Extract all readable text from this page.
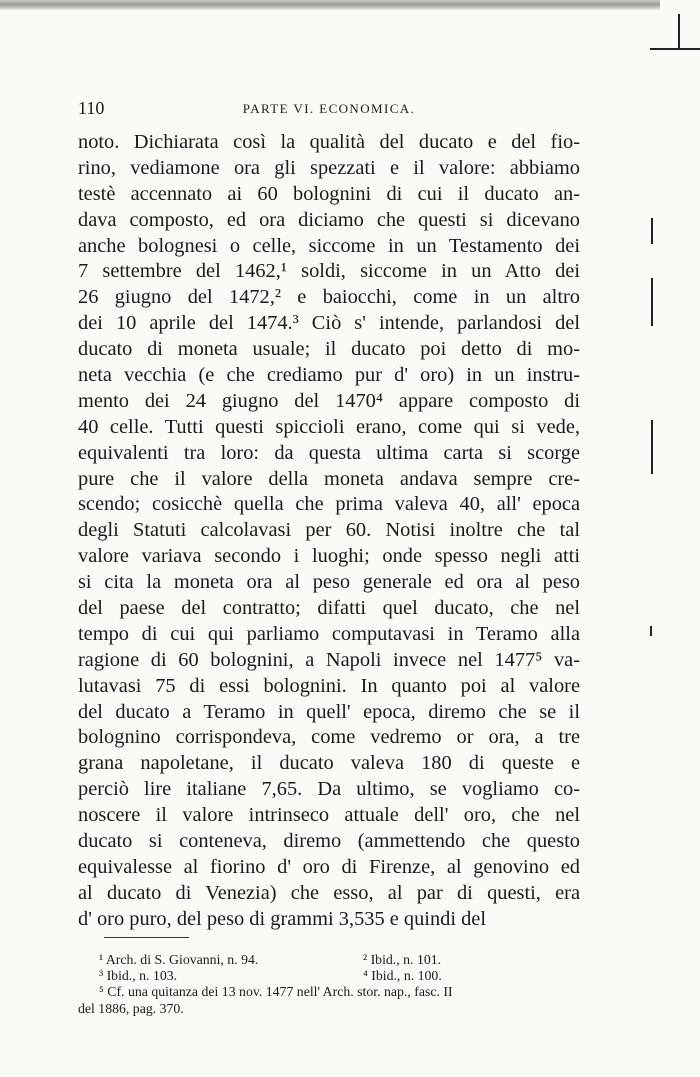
110	PARTE VI. ECONOMICA.
noto. Dichiarata così la qualità del ducato e del fio-
rino, vediamone ora gli spezzati e il valore: abbiamo
testè accennato ai 60 bolognini di cui il ducato an-
dava composto, ed ora diciamo che questi si dicevano
anche bolognesi o celle, siccome in un Testamento dei
7 settembre del 1462,¹ soldi, siccome in un Atto dei
26 giugno del 1472,² e baiocchi, come in un altro
dei 10 aprile del 1474.³ Ciò s' intende, parlandosi del
ducato di moneta usuale; il ducato poi detto di mo-
neta vecchia (e che crediamo pur d' oro) in un instru-
mento dei 24 giugno del 1470⁴ appare composto di
40 celle. Tutti questi spiccioli erano, come qui si vede,
equivalenti tra loro: da questa ultima carta si scorge
pure che il valore della moneta andava sempre cre-
scendo; cosicchè quella che prima valeva 40, all' epoca
degli Statuti calcolavasi per 60. Notisi inoltre che tal
valore variava secondo i luoghi; onde spesso negli atti
si cita la moneta ora al peso generale ed ora al peso
del paese del contratto; difatti quel ducato, che nel
tempo di cui qui parliamo computavasi in Teramo alla
ragione di 60 bolognini, a Napoli invece nel 1477⁵ va-
lutavasi 75 di essi bolognini. In quanto poi al valore
del ducato a Teramo in quell' epoca, diremo che se il
bolognino corrispondeva, come vedremo or ora, a tre
grana napoletane, il ducato valeva 180 di queste e
perciò lire italiane 7,65. Da ultimo, se vogliamo co-
noscere il valore intrinseco attuale dell' oro, che nel
ducato si conteneva, diremo (ammettendo che questo
equivalesse al fiorino d' oro di Firenze, al genovino ed
al ducato di Venezia) che esso, al par di questi, era
d' oro puro, del peso di grammi 3,535 e quindi del
¹ Arch. di S. Giovanni, n. 94.	² Ibid., n. 101.
³ Ibid., n. 103.	⁴ Ibid., n. 100.
⁵ Cf. una quitanza dei 13 nov. 1477 nell' Arch. stor. nap., fasc. II
del 1886, pag. 370.
